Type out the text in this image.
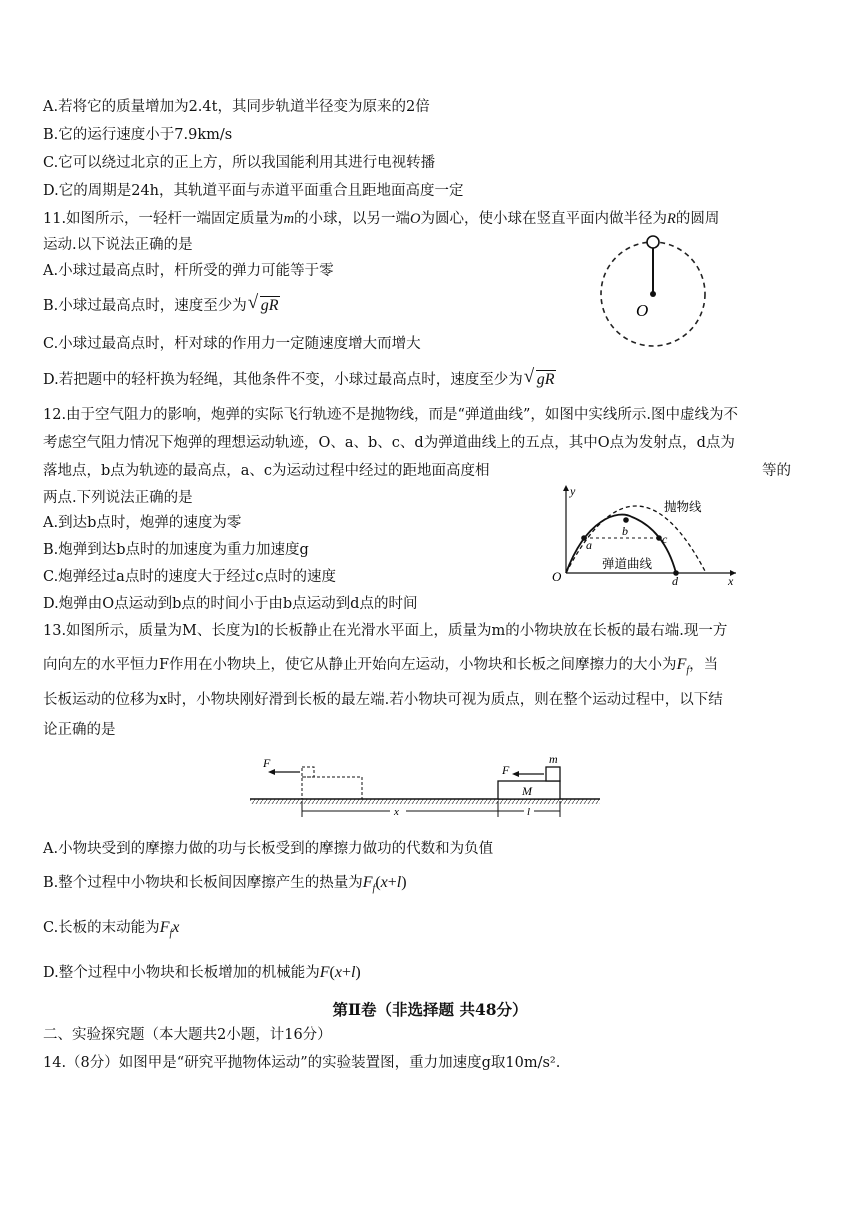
A.若将它的质量增加为2.4t，其同步轨道半径变为原来的2倍
B.它的运行速度小于7.9km/s
C.它可以绕过北京的正上方，所以我国能利用其进行电视转播
D.它的周期是24h，其轨道平面与赤道平面重合且距地面高度一定
11.如图所示，一轻杆一端固定质量为m的小球，以另一端O为圆心，使小球在竖直平面内做半径为R的圆周
运动.以下说法正确的是
A.小球过最高点时，杆所受的弹力可能等于零
B.小球过最高点时，速度至少为 √ gR
C.小球过最高点时，杆对球的作用力一定随速度增大而增大
D.若把题中的轻杆换为轻绳，其他条件不变，小球过最高点时，速度至少为 √ gR
O
12.由于空气阻力的影响，炮弹的实际飞行轨迹不是抛物线，而是“弹道曲线”，如图中实线所示.图中虚线为不
考虑空气阻力情况下炮弹的理想运动轨迹，O、a、b、c、d为弹道曲线上的五点，其中O点为发射点，d点为
落地点，b点为轨迹的最高点，a、c为运动过程中经过的距地面高度相	等的
两点.下列说法正确的是
A.到达b点时，炮弹的速度为零
B.炮弹到达b点时的加速度为重力加速度g
C.炮弹经过a点时的速度大于经过c点时的速度
D.炮弹由O点运动到b点的时间小于由b点运动到d点的时间
y
x
O
a
b
c
d
抛物线
弹道曲线
13.如图所示，质量为M、长度为l的长板静止在光滑水平面上，质量为m的小物块放在长板的最右端.现一方
向向左的水平恒力F作用在小物块上，使它从静止开始向左运动，小物块和长板之间摩擦力的大小为$F_f$，当
长板运动的位移为x时，小物块刚好滑到长板的最左端.若小物块可视为质点，则在整个运动过程中，以下结
论正确的是
F	F
m
M
x	l
A.小物块受到的摩擦力做的功与长板受到的摩擦力做功的代数和为负值
B.整个过程中小物块和长板间因摩擦产生的热量为$F_f(x+l)$
C.长板的末动能为$F_fx$
D.整个过程中小物块和长板增加的机械能为F(x+l)
第Ⅱ卷（非选择题 共48分）
二、实验探究题（本大题共2小题，计16分）
14.（8分）如图甲是“研究平抛物体运动”的实验装置图，重力加速度g取10m/s².
